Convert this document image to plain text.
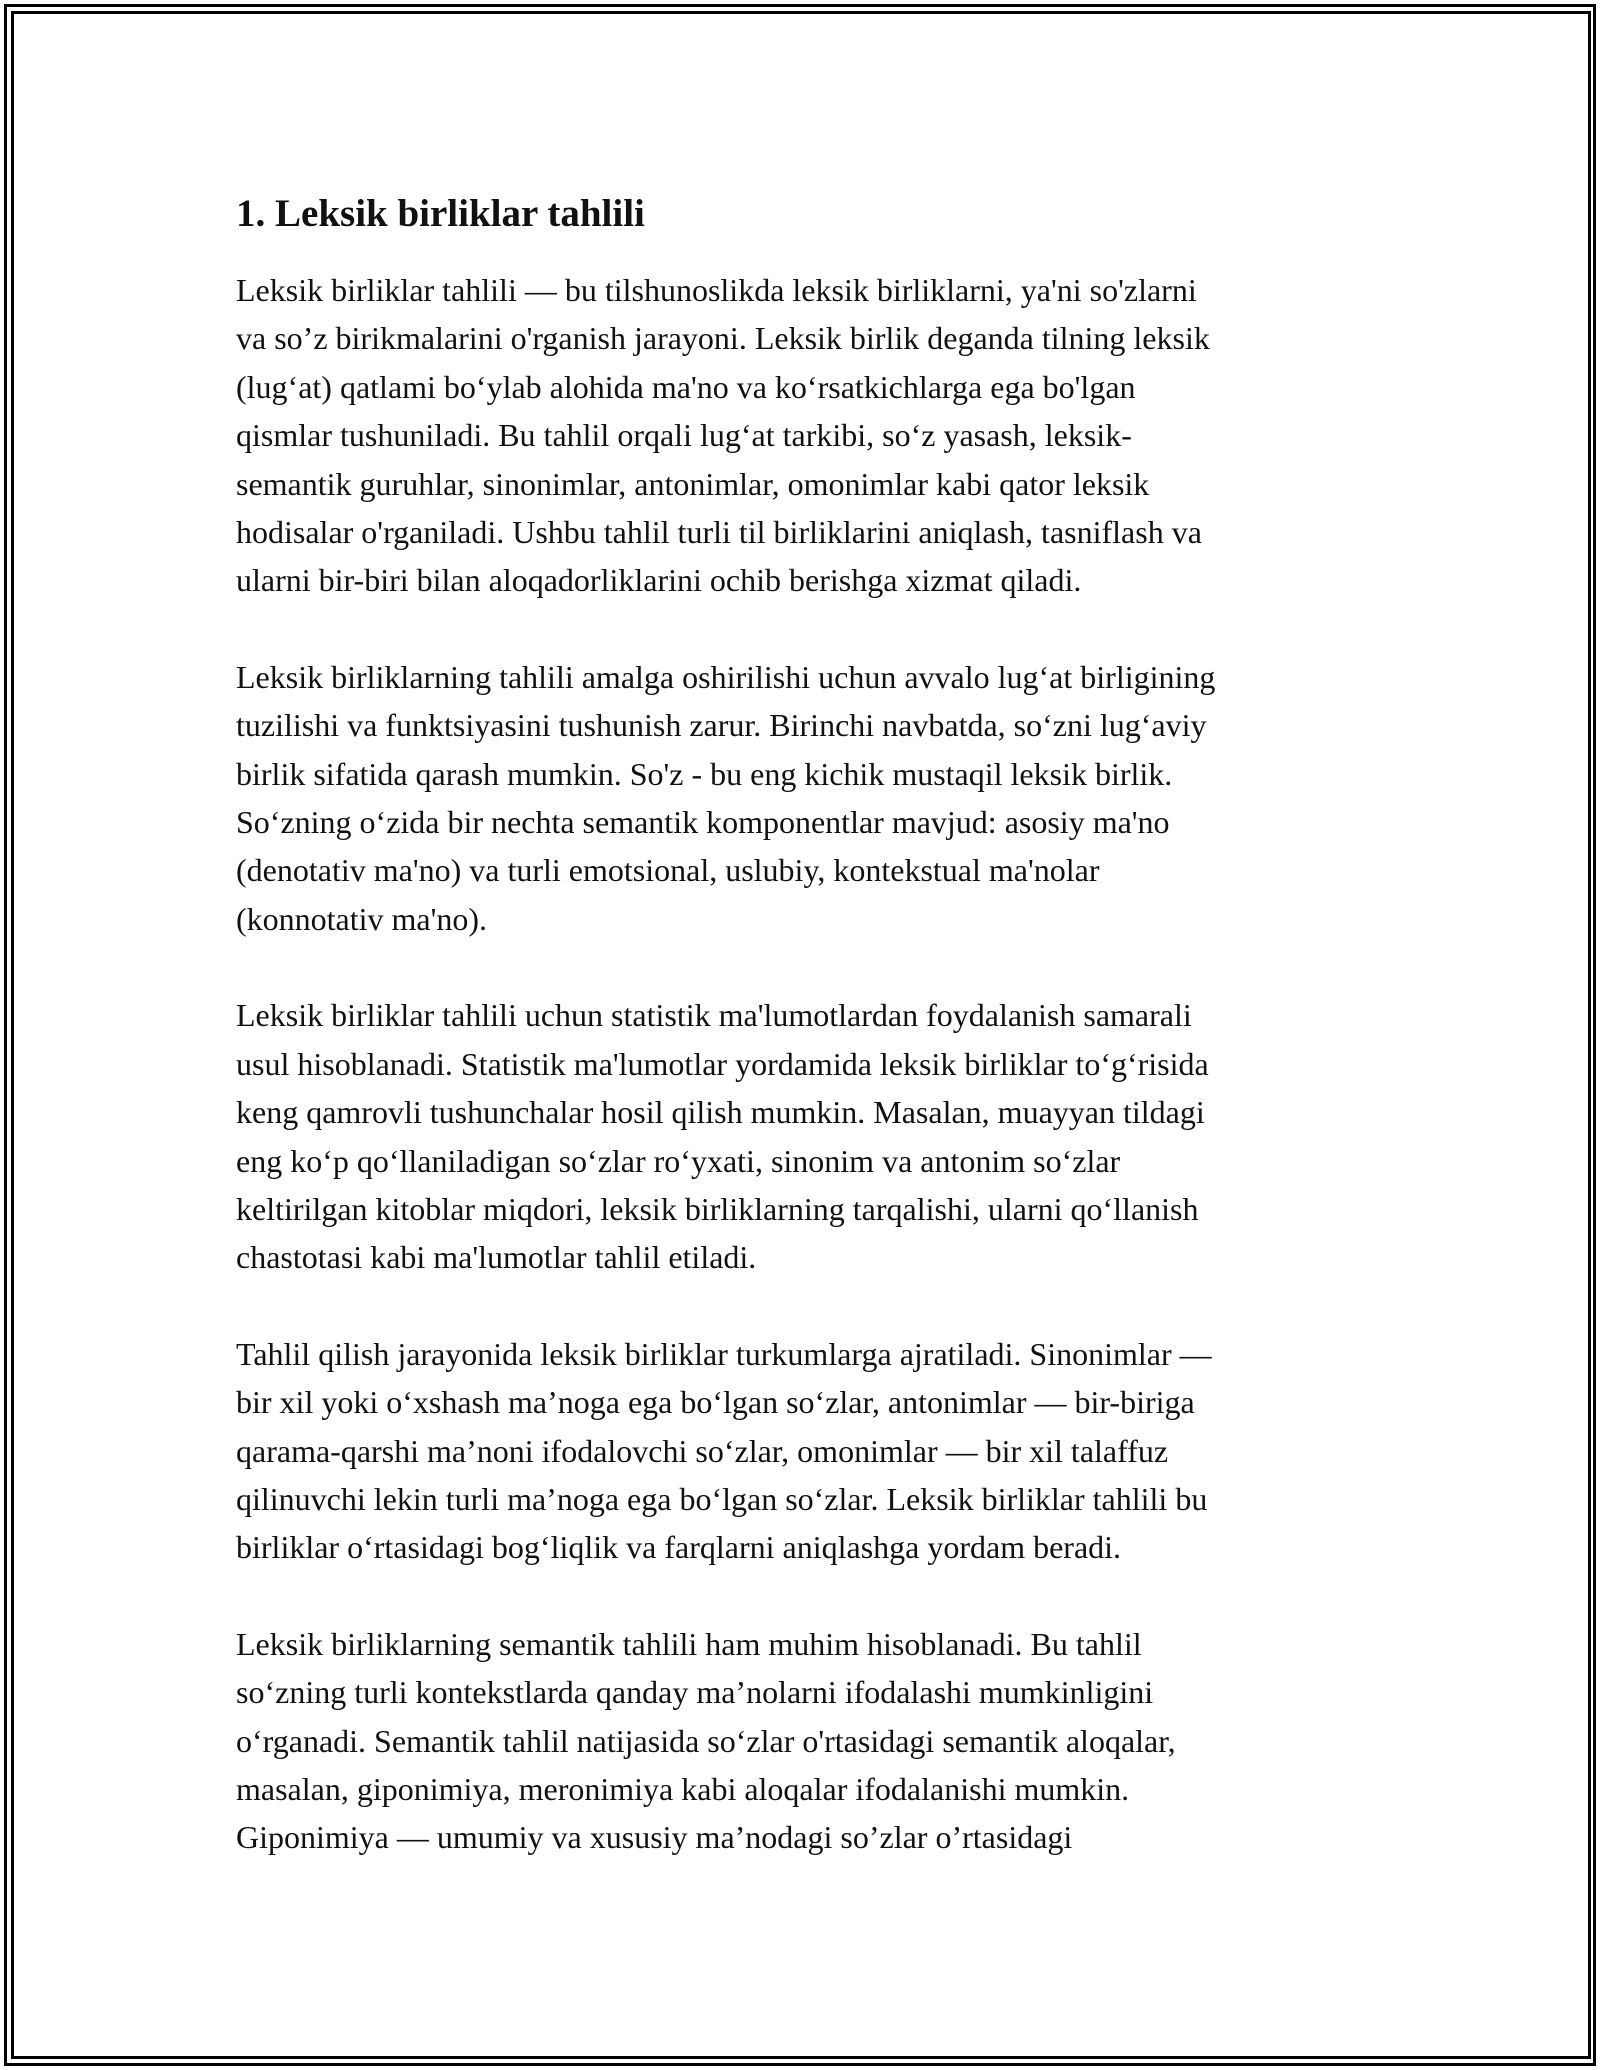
1. Leksik birliklar tahlili

Leksik birliklar tahlili — bu tilshunoslikda leksik birliklarni, ya'ni so'zlarni
va so’z birikmalarini o'rganish jarayoni. Leksik birlik deganda tilning leksik
(lug‘at) qatlami bo‘ylab alohida ma'no va ko‘rsatkichlarga ega bo'lgan
qismlar tushuniladi. Bu tahlil orqali lug‘at tarkibi, so‘z yasash, leksik-
semantik guruhlar, sinonimlar, antonimlar, omonimlar kabi qator leksik
hodisalar o'rganiladi. Ushbu tahlil turli til birliklarini aniqlash, tasniflash va
ularni bir-biri bilan aloqadorliklarini ochib berishga xizmat qiladi.

Leksik birliklarning tahlili amalga oshirilishi uchun avvalo lug‘at birligining
tuzilishi va funktsiyasini tushunish zarur. Birinchi navbatda, so‘zni lug‘aviy
birlik sifatida qarash mumkin. So'z - bu eng kichik mustaqil leksik birlik.
So‘zning o‘zida bir nechta semantik komponentlar mavjud: asosiy ma'no
(denotativ ma'no) va turli emotsional, uslubiy, kontekstual ma'nolar
(konnotativ ma'no).

Leksik birliklar tahlili uchun statistik ma'lumotlardan foydalanish samarali
usul hisoblanadi. Statistik ma'lumotlar yordamida leksik birliklar to‘g‘risida
keng qamrovli tushunchalar hosil qilish mumkin. Masalan, muayyan tildagi
eng ko‘p qo‘llaniladigan so‘zlar ro‘yxati, sinonim va antonim so‘zlar
keltirilgan kitoblar miqdori, leksik birliklarning tarqalishi, ularni qo‘llanish
chastotasi kabi ma'lumotlar tahlil etiladi.

Tahlil qilish jarayonida leksik birliklar turkumlarga ajratiladi. Sinonimlar —
bir xil yoki o‘xshash ma’noga ega bo‘lgan so‘zlar, antonimlar — bir-biriga
qarama-qarshi ma’noni ifodalovchi so‘zlar, omonimlar — bir xil talaffuz
qilinuvchi lekin turli ma’noga ega bo‘lgan so‘zlar. Leksik birliklar tahlili bu
birliklar o‘rtasidagi bog‘liqlik va farqlarni aniqlashga yordam beradi.

Leksik birliklarning semantik tahlili ham muhim hisoblanadi. Bu tahlil
so‘zning turli kontekstlarda qanday ma’nolarni ifodalashi mumkinligini
o‘rganadi. Semantik tahlil natijasida so‘zlar o'rtasidagi semantik aloqalar,
masalan, giponimiya, meronimiya kabi aloqalar ifodalanishi mumkin.
Giponimiya — umumiy va xususiy ma’nodagi so’zlar o’rtasidagi
